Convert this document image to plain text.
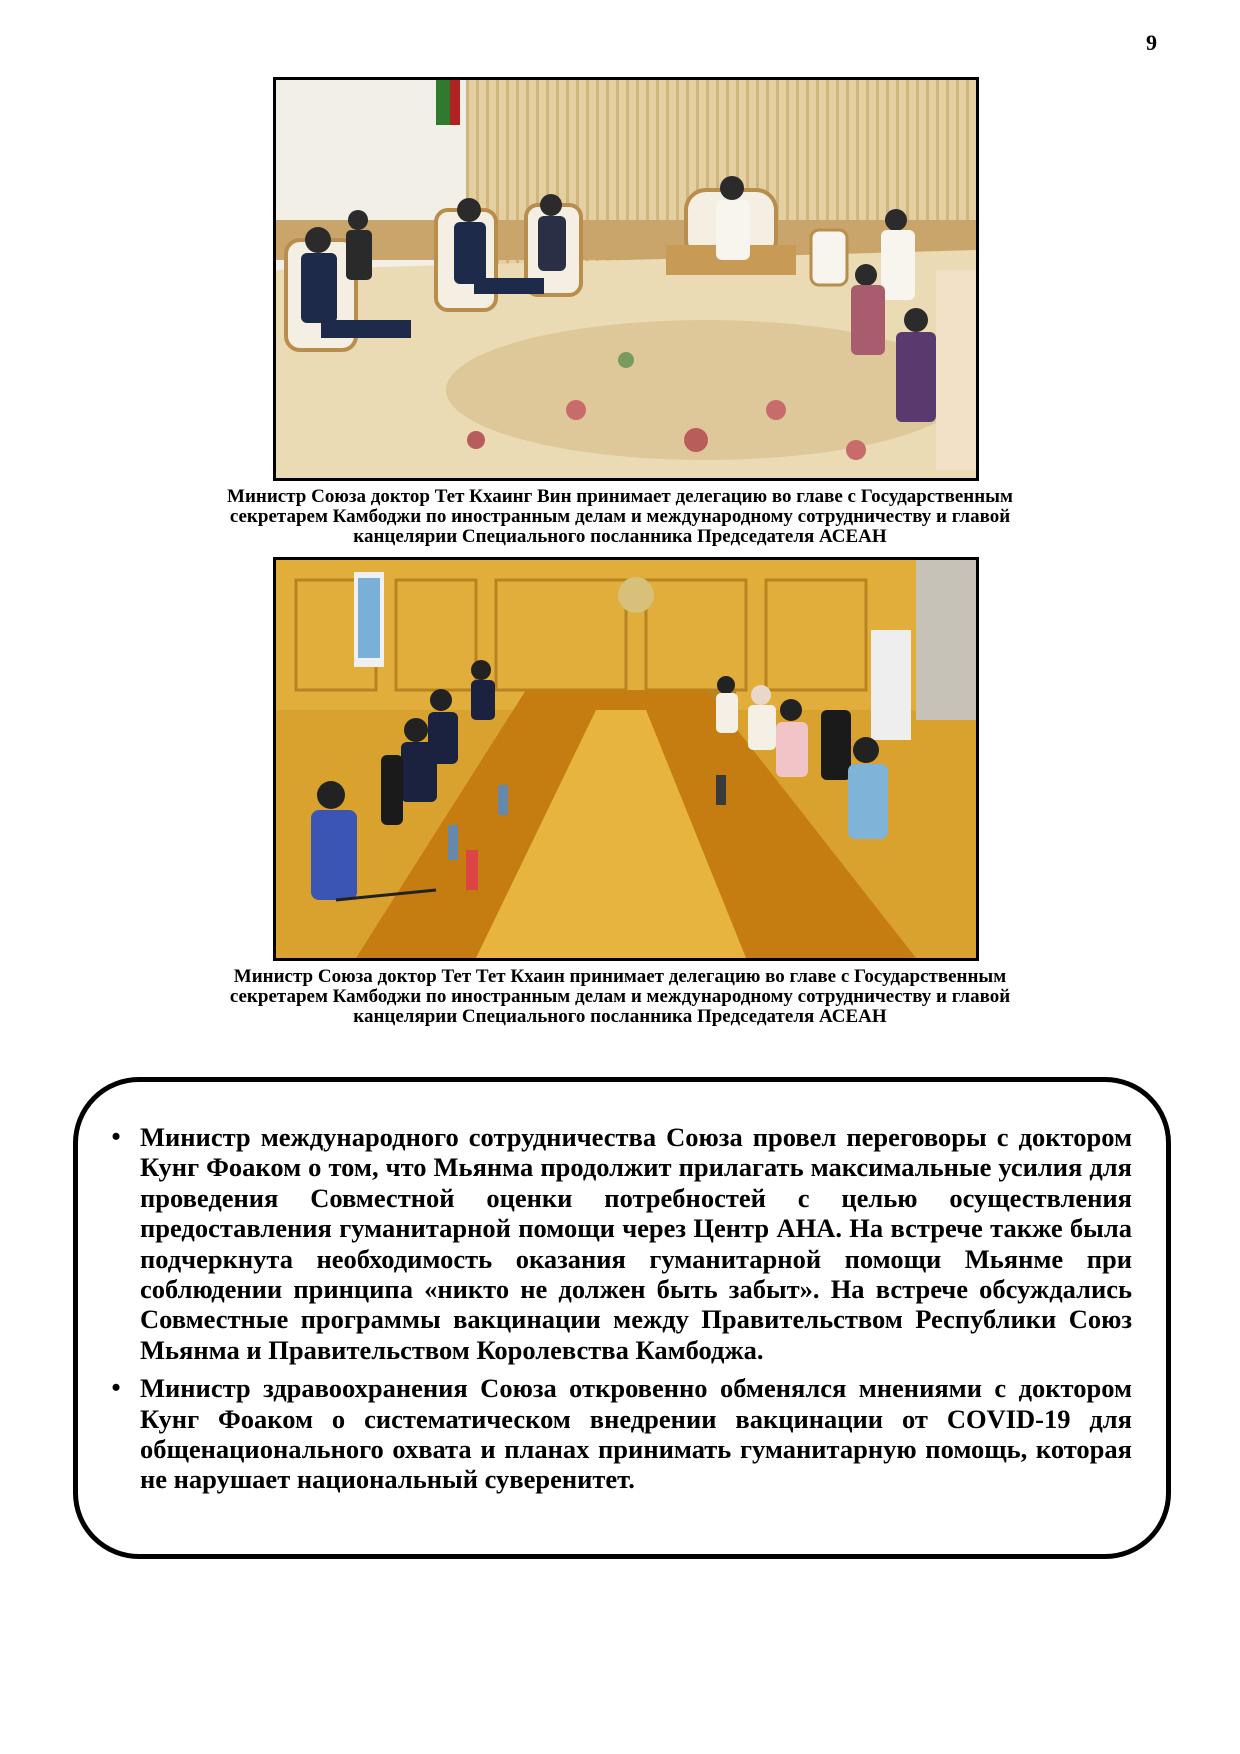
9
Министр Союза доктор Тет Кхаинг Вин принимает делегацию во главе с Государственным
секретарем Камбоджи по иностранным делам и международному сотрудничеству и главой
канцелярии Специального посланника Председателя АСЕАН
Министр Союза доктор Тет Тет Кхаин принимает делегацию во главе с Государственным
секретарем Камбоджи по иностранным делам и международному сотрудничеству и главой
канцелярии Специального посланника Председателя АСЕАН
• Министр международного сотрудничества Союза провел переговоры с доктором Кунг Фоаком о том, что Мьянма продолжит прилагать максимальные усилия для проведения Совместной оценки потребностей с целью осуществления предоставления гуманитарной помощи через Центр АНА. На встрече также была подчеркнута необходимость оказания гуманитарной помощи Мьянме при соблюдении принципа «никто не должен быть забыт». На встрече обсуждались Совместные программы вакцинации между Правительством Республики Союз Мьянма и Правительством Королевства Камбоджа.
• Министр здравоохранения Союза откровенно обменялся мнениями с доктором Кунг Фоаком о систематическом внедрении вакцинации от COVID-19 для общенационального охвата и планах принимать гуманитарную помощь, которая не нарушает национальный суверенитет.
